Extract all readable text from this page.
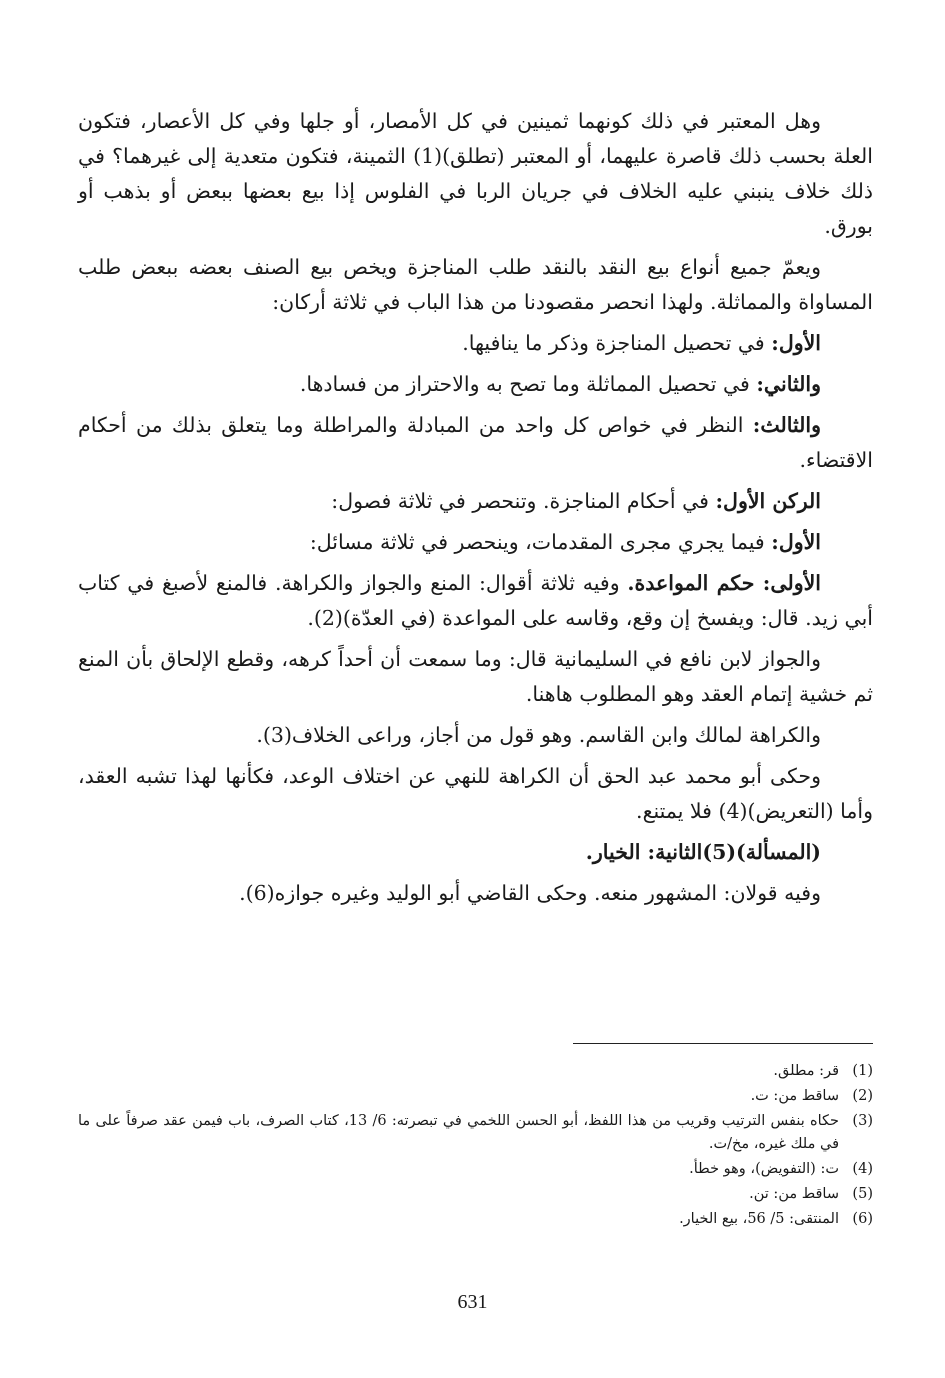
وهل المعتبر في ذلك كونهما ثمينين في كل الأمصار، أو جلها وفي كل الأعصار، فتكون العلة بحسب ذلك قاصرة عليهما، أو المعتبر (تطلق)(1) الثمينة، فتكون متعدية إلى غيرهما؟ في ذلك خلاف ينبني عليه الخلاف في جريان الربا في الفلوس إذا بيع بعضها ببعض أو بذهب أو بورق.

ويعمّ جميع أنواع بيع النقد بالنقد طلب المناجزة ويخص بيع الصنف بعضه ببعض طلب المساواة والمماثلة. ولهذا انحصر مقصودنا من هذا الباب في ثلاثة أركان:

الأول: في تحصيل المناجزة وذكر ما ينافيها.

والثاني: في تحصيل المماثلة وما تصح به والاحتراز من فسادها.

والثالث: النظر في خواص كل واحد من المبادلة والمراطلة وما يتعلق بذلك من أحكام الاقتضاء.

الركن الأول: في أحكام المناجزة. وتنحصر في ثلاثة فصول:

الأول: فيما يجري مجرى المقدمات، وينحصر في ثلاثة مسائل:

الأولى: حكم المواعدة. وفيه ثلاثة أقوال: المنع والجواز والكراهة. فالمنع لأصبغ في كتاب أبي زيد. قال: ويفسخ إن وقع، وقاسه على المواعدة (في العدّة)(2).

والجواز لابن نافع في السليمانية قال: وما سمعت أن أحداً كرهه، وقطع الإلحاق بأن المنع ثم خشية إتمام العقد وهو المطلوب هاهنا.

والكراهة لمالك وابن القاسم. وهو قول من أجاز، وراعى الخلاف(3).

وحكى أبو محمد عبد الحق أن الكراهة للنهي عن اختلاف الوعد، فكأنها لهذا تشبه العقد، وأما (التعريض)(4) فلا يمتنع.

(المسألة)(5)الثانية: الخيار.

وفيه قولان: المشهور منعه. وحكى القاضي أبو الوليد وغيره جوازه(6).

(1)
قر: مطلق.
(2)
ساقط من: ت.
(3)
حكاه بنفس الترتيب وقريب من هذا اللفظ، أبو الحسن اللخمي في تبصرته: 6/ 13، كتاب الصرف، باب فيمن عقد صرفاً على ما في ملك غيره، مخ/ت.
(4)
ت: (التفويض)، وهو خطأ.
(5)
ساقط من: تن.
(6)
المنتقى: 5/ 56، بيع الخيار.
631
